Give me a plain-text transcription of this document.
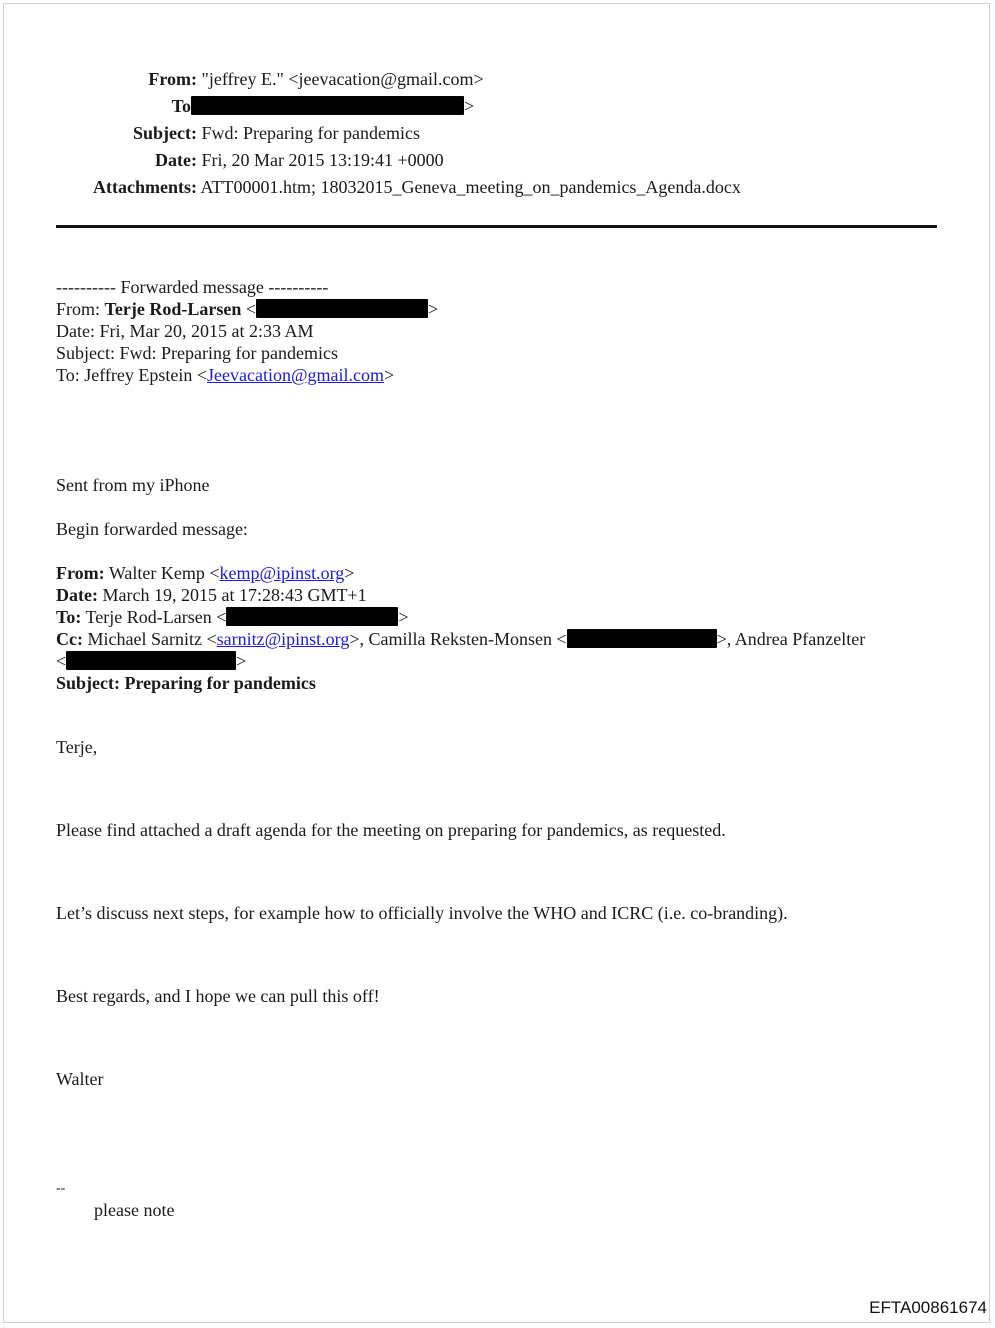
From: "jeffrey E." <jeevacation@gmail.com>
To	>
Subject: Fwd: Preparing for pandemics
Date: Fri, 20 Mar 2015 13:19:41 +0000
Attachments: ATT00001.htm; 18032015_Geneva_meeting_on_pandemics_Agenda.docx
---------- Forwarded message ----------
From: Terje Rod-Larsen <	>
Date: Fri, Mar 20, 2015 at 2:33 AM
Subject: Fwd: Preparing for pandemics
To: Jeffrey Epstein <Jeevacation@gmail.com>
Sent from my iPhone
Begin forwarded message:
From: Walter Kemp <kemp@ipinst.org>
Date: March 19, 2015 at 17:28:43 GMT+1
To: Terje Rod-Larsen <	>
Cc: Michael Sarnitz <sarnitz@ipinst.org>, Camilla Reksten-Monsen <	>, Andrea Pfanzelter
<	>
Subject: Preparing for pandemics
Terje,
Please find attached a draft agenda for the meeting on preparing for pandemics, as requested.
Let’s discuss next steps, for example how to officially involve the WHO and ICRC (i.e. co-branding).
Best regards, and I hope we can pull this off!
Walter
--
please note
EFTA00861674
